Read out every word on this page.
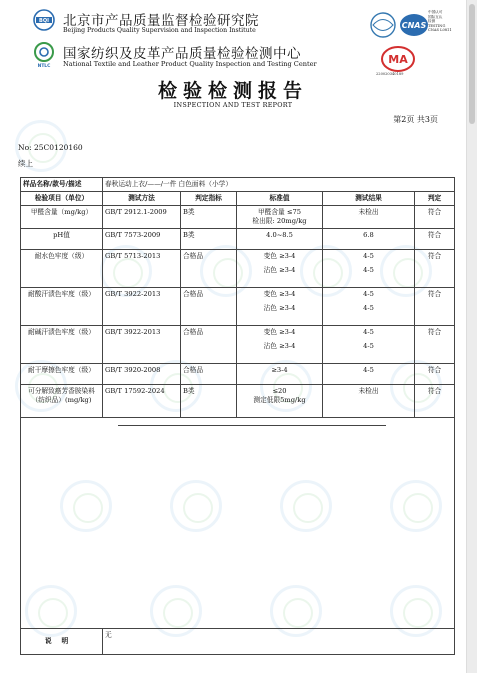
BQI
NTLC
北京市产品质量监督检验研究院
Beijing Products Quality Supervision and Inspection Institute
国家纺织及皮革产品质量检验检测中心
National Textile and Leather Product Quality Inspection and Testing Center
CNAS
中国认可
国际互认
检测
TESTING
CNAS L0811
MA
220020340189
检验检测报告
INSPECTION AND TEST REPORT
第2页 共3页
No: 25C0120160
续上
样品名称/款号/描述	春秋运动上衣/——/一件 白色面料（小学）				
检验项目（单位）	测试方法	判定指标	标准值	测试结果	判定
甲醛含量（mg/kg）	GB/T 2912.1-2009	B类	甲醛含量 ≤75
检出限: 20mg/kg	未检出	符合
pH值	GB/T 7573-2009	B类	4.0~8.5	6.8	符合
耐水色牢度（级）	GB/T 5713-2013	合格品	变色 ≥3-4
沾色 ≥3-4	4-5
4-5	符合
耐酸汗渍色牢度（级）	GB/T 3922-2013	合格品	变色 ≥3-4
沾色 ≥3-4	4-5
4-5	符合
耐碱汗渍色牢度（级）	GB/T 3922-2013	合格品	变色 ≥3-4
沾色 ≥3-4	4-5
4-5	符合
耐干摩擦色牢度（级）	GB/T 3920-2008	合格品	≥3-4	4-5	符合
可分解致癌芳香胺染料（纺织品）(mg/kg)	GB/T 17592-2024	B类	≤20
测定低限5mg/kg	未检出	符合

说明	无				
